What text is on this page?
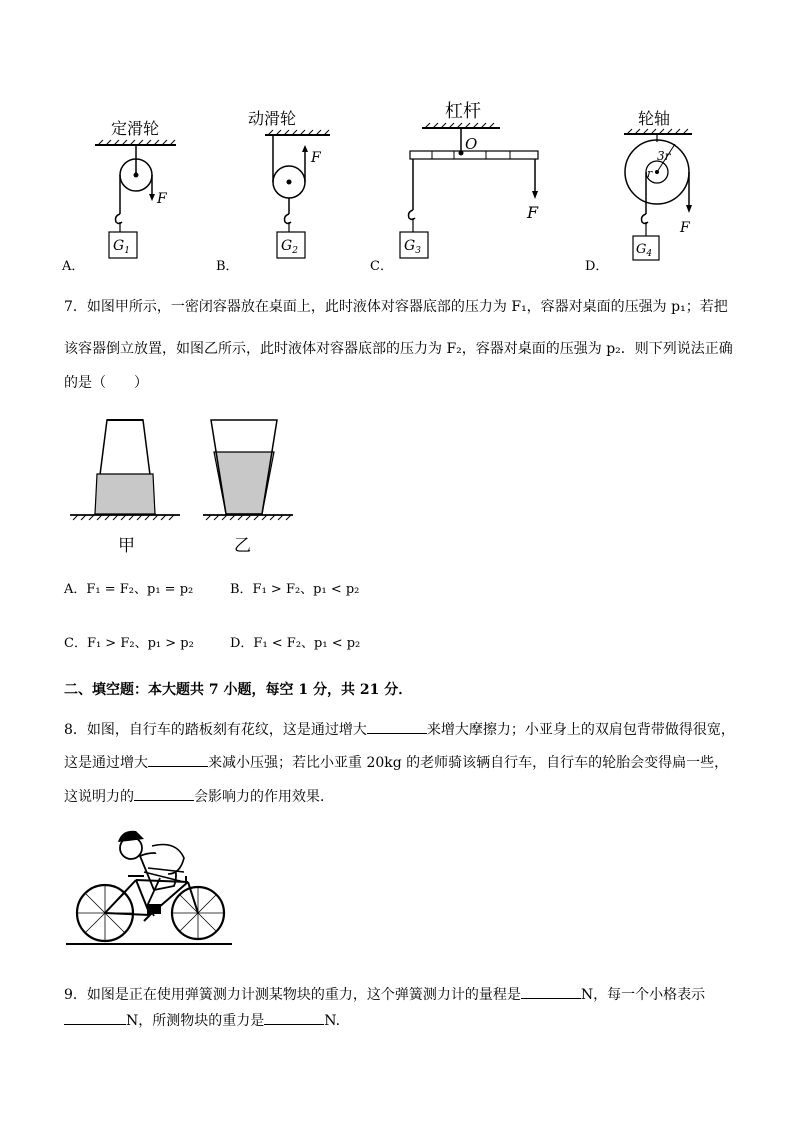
定滑轮
F
$G_1$
A．
动滑轮
F
$G_2$
B．
杠杆
O
$G_3$
F
C．
轮轴
3r
r
$G_4$
F
D．
7．如图甲所示，一密闭容器放在桌面上，此时液体对容器底部的压力为 F₁，容器对桌面的压强为 p₁；若把
该容器倒立放置，如图乙所示，此时液体对容器底部的压力为 F₂，容器对桌面的压强为 p₂．则下列说法正确
的是（　　）
甲	乙
A．F₁ = F₂、p₁ = p₂	B．F₁ > F₂、p₁ < p₂
C．F₁ > F₂、p₁ > p₂	D．F₁ < F₂、p₁ < p₂
二、填空题：本大题共 7 小题，每空 1 分，共 21 分．
8．如图，自行车的踏板刻有花纹，这是通过增大	来增大摩擦力；小亚身上的双肩包背带做得很宽，
这是通过增大	来减小压强；若比小亚重 20kg 的老师骑该辆自行车，自行车的轮胎会变得扁一些，
这说明力的	会影响力的作用效果．
9．如图是正在使用弹簧测力计测某物块的重力，这个弹簧测力计的量程是	N，每一个小格表示
N，所测物块的重力是	N.
